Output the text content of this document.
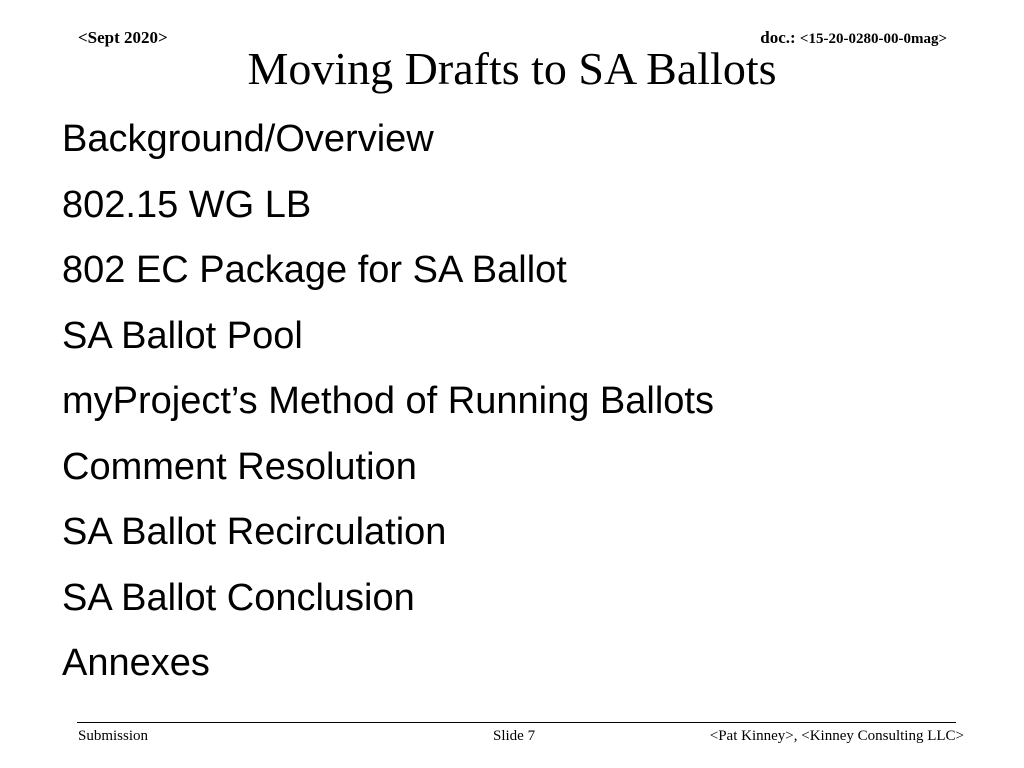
<Sept 2020>	doc.: <15-20-0280-00-0mag>
Moving Drafts to SA Ballots
Background/Overview
802.15 WG LB
802 EC Package for SA Ballot
SA Ballot Pool
myProject’s Method of Running Ballots
Comment Resolution
SA Ballot Recirculation
SA Ballot Conclusion
Annexes
Submission	Slide 7	<Pat Kinney>, <Kinney Consulting LLC>
